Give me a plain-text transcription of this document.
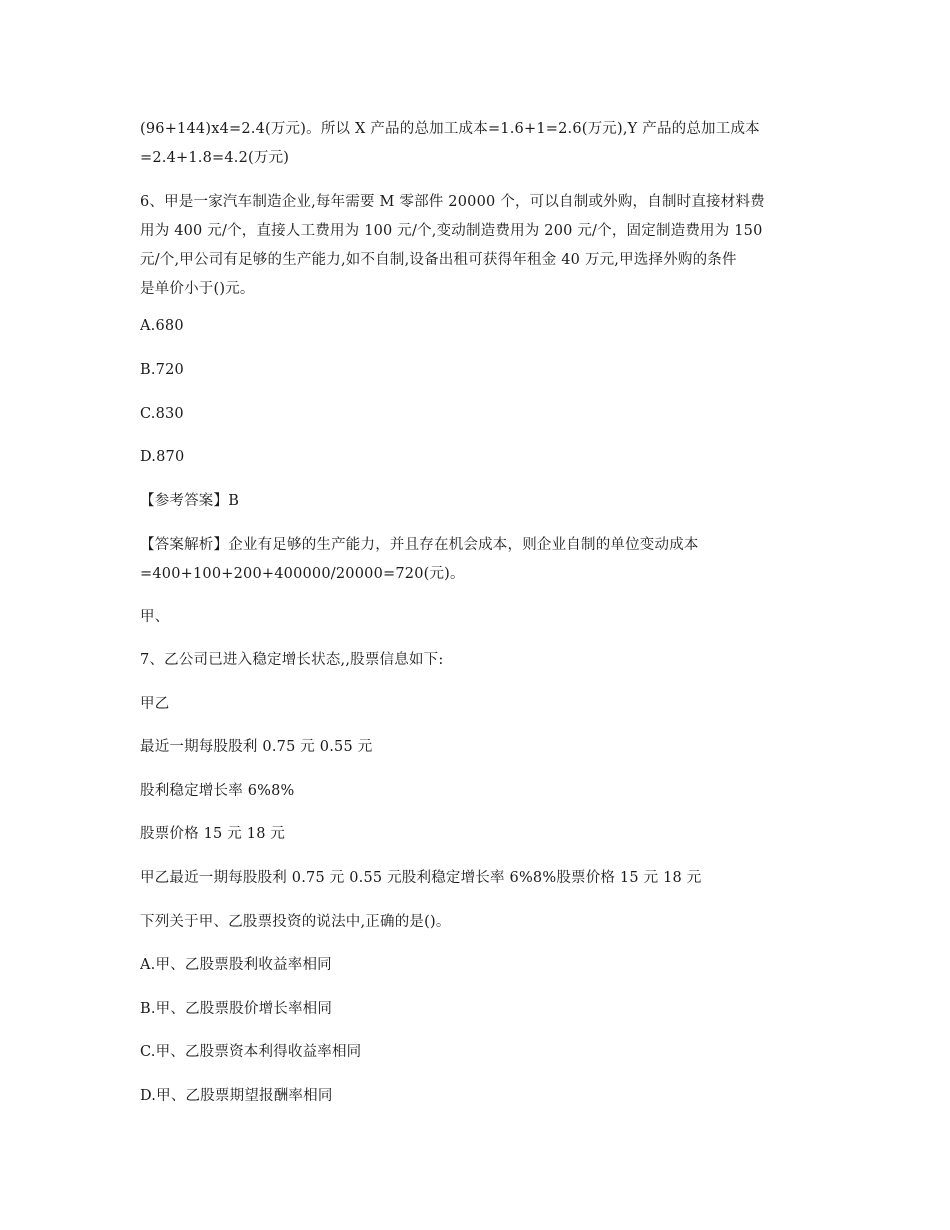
(96+144)x4=2.4(万元)。所以 X 产品的总加工成本=1.6+1=2.6(万元),Y 产品的总加工成本
=2.4+1.8=4.2(万元)
6、甲是一家汽车制造企业,每年需要 M 零部件 20000 个，可以自制或外购，自制时直接材料费
用为 400 元/个，直接人工费用为 100 元/个,变动制造费用为 200 元/个，固定制造费用为 150
元/个,甲公司有足够的生产能力,如不自制,设备出租可获得年租金 40 万元,甲选择外购的条件
是单价小于()元。
A.680
B.720
C.830
D.870
【参考答案】B
【答案解析】企业有足够的生产能力，并且存在机会成本，则企业自制的单位变动成本
=400+100+200+400000/20000=720(元)。
甲、
7、乙公司已进入稳定增长状态,,股票信息如下:
甲乙
最近一期每股股利 0.75 元 0.55 元
股利稳定增长率 6%8%
股票价格 15 元 18 元
甲乙最近一期每股股利 0.75 元 0.55 元股利稳定增长率 6%8%股票价格 15 元 18 元
下列关于甲、乙股票投资的说法中,正确的是()。
A.甲、乙股票股利收益率相同
B.甲、乙股票股价增长率相同
C.甲、乙股票资本利得收益率相同
D.甲、乙股票期望报酬率相同
